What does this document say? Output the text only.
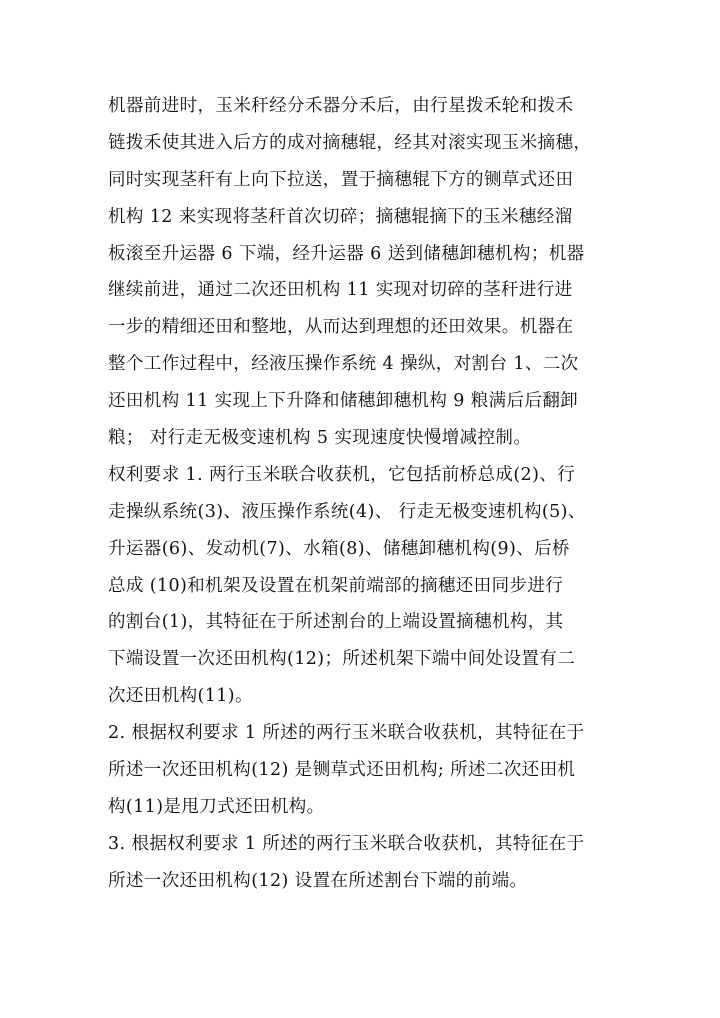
机器前进时，玉米秆经分禾器分禾后，由行星拨禾轮和拨禾
链拨禾使其进入后方的成对摘穗辊，经其对滚实现玉米摘穗，
同时实现茎秆有上向下拉送，置于摘穗辊下方的铡草式还田
机构 12 来实现将茎秆首次切碎；摘穗辊摘下的玉米穗经溜
板滚至升运器 6 下端，经升运器 6 送到储穗卸穗机构；机器
继续前进，通过二次还田机构 11 实现对切碎的茎秆进行进
一步的精细还田和整地，从而达到理想的还田效果。机器在
整个工作过程中，经液压操作系统 4 操纵，对割台 1、二次
还田机构 11 实现上下升降和储穗卸穗机构 9 粮满后后翻卸
粮； 对行走无极变速机构 5 实现速度快慢增减控制。
权利要求 1. 两行玉米联合收获机，它包括前桥总成(2)、行
走操纵系统(3)、液压操作系统(4)、 行走无极变速机构(5)、
升运器(6)、发动机(7)、水箱(8)、储穗卸穗机构(9)、后桥
总成 (10)和机架及设置在机架前端部的摘穗还田同步进行
的割台(1)，其特征在于所述割台的上端设置摘穗机构，其
下端设置一次还田机构(12)；所述机架下端中间处设置有二
次还田机构(11)。
2. 根据权利要求 1 所述的两行玉米联合收获机，其特征在于
所述一次还田机构(12) 是铡草式还田机构; 所述二次还田机
构(11)是甩刀式还田机构。
3. 根据权利要求 1 所述的两行玉米联合收获机，其特征在于
所述一次还田机构(12) 设置在所述割台下端的前端。
